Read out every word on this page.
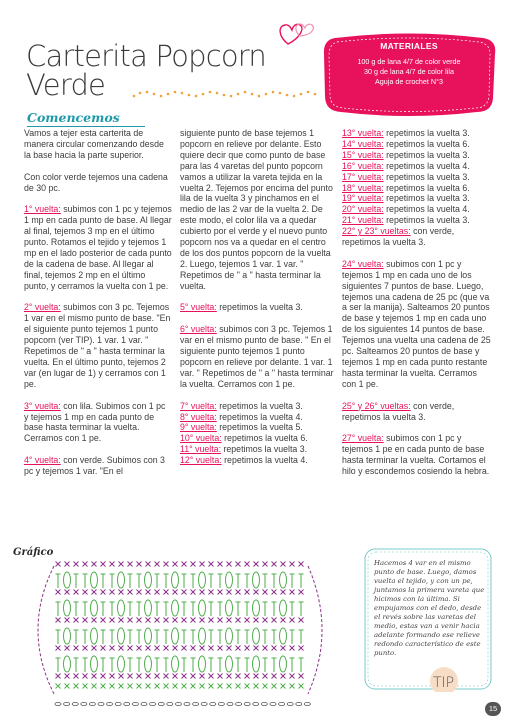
Carterita Popcorn
Verde
MATERIALES
100 g de lana 4/7 de color verde
30 g de lana 4/7 de color lila
Aguja de crochet N°3
Comencemos

Vamos a tejer esta carterita de manera circular comenzando desde la base hacia la parte superior.

Con color verde tejemos una cadena de 30 pc.

1° vuelta: subimos con 1 pc y tejemos 1 mp en cada punto de base. Al llegar al final, tejemos 3 mp en el último punto. Rotamos el tejido y tejemos 1 mp en el lado posterior de cada punto de la cadena de base. Al llegar al final, tejemos 2 mp en el último punto, y cerramos la vuelta con 1 pe.

2° vuelta: subimos con 3 pc. Tejemos 1 var en el mismo punto de base. "En el siguiente punto tejemos 1 punto popcorn (ver TIP). 1 var. 1 var. " Repetimos de " a " hasta terminar la vuelta. En el último punto, tejemos 2 var (en lugar de 1) y cerramos con 1 pe.

3° vuelta: con lila. Subimos con 1 pc y tejemos 1 mp en cada punto de base hasta terminar la vuelta. Cerramos con 1 pe.

4° vuelta: con verde. Subimos con 3 pc y tejemos 1 var. "En el

siguiente punto de base tejemos 1 popcorn en relieve por delante. Esto quiere decir que como punto de base para las 4 varetas del punto popcorn vamos a utilizar la vareta tejida en la vuelta 2. Tejemos por encima del punto lila de la vuelta 3 y pinchamos en el medio de las 2 var de la vuelta 2. De este modo, el color lila va a quedar cubierto por el verde y el nuevo punto popcorn nos va a quedar en el centro de los dos puntos popcorn de la vuelta 2. Luego, tejemos 1 var. 1 var. " Repetimos de " a " hasta terminar la vuelta.

5° vuelta: repetimos la vuelta 3.

6° vuelta: subimos con 3 pc. Tejemos 1 var en el mismo punto de base. " En el siguiente punto tejemos 1 punto popcorn en relieve por delante. 1 var. 1 var. " Repetimos de " a " hasta terminar la vuelta. Cerramos con 1 pe.

7° vuelta: repetimos la vuelta 3.
8° vuelta: repetimos la vuelta 4.
9° vuelta: repetimos la vuelta 5.
10° vuelta: repetimos la vuelta 6.
11° vuelta: repetimos la vuelta 3.
12° vuelta: repetimos la vuelta 4.
13° vuelta: repetimos la vuelta 3.
14° vuelta: repetimos la vuelta 6.
15° vuelta: repetimos la vuelta 3.
16° vuelta: repetimos la vuelta 4.
17° vuelta: repetimos la vuelta 3.
18° vuelta: repetimos la vuelta 6.
19° vuelta: repetimos la vuelta 3.
20° vuelta: repetimos la vuelta 4.
21° vuelta: repetimos la vuelta 3.

22° y 23° vueltas: con verde, repetimos la vuelta 3.

24° vuelta: subimos con 1 pc y tejemos 1 mp en cada uno de los siguientes 7 puntos de base. Luego, tejemos una cadena de 25 pc (que va a ser la manija). Salteamos 20 puntos de base y tejemos 1 mp en cada uno de los siguientes 14 puntos de base. Tejemos una vuelta una cadena de 25 pc. Salteamos 20 puntos de base y tejemos 1 mp en cada punto restante hasta terminar la vuelta. Cerramos con 1 pe.

25° y 26° vueltas: con verde, repetimos la vuelta 3.

27° vuelta: subimos con 1 pc y tejemos 1 pe en cada punto de base hasta terminar la vuelta. Cortamos el hilo y escondemos cosiendo la hebra.

Gráfico
Hacemos 4 var en el mismo punto de base. Luego, damos vuelta el tejido, y con un pe, juntamos la primera vareta que hicimos con la última. Si empujamos con el dedo, desde el revés sobre las varetas del medio, estas van a venir hacia adelante formando ese relieve redondo característico de este punto.
TIP
15
